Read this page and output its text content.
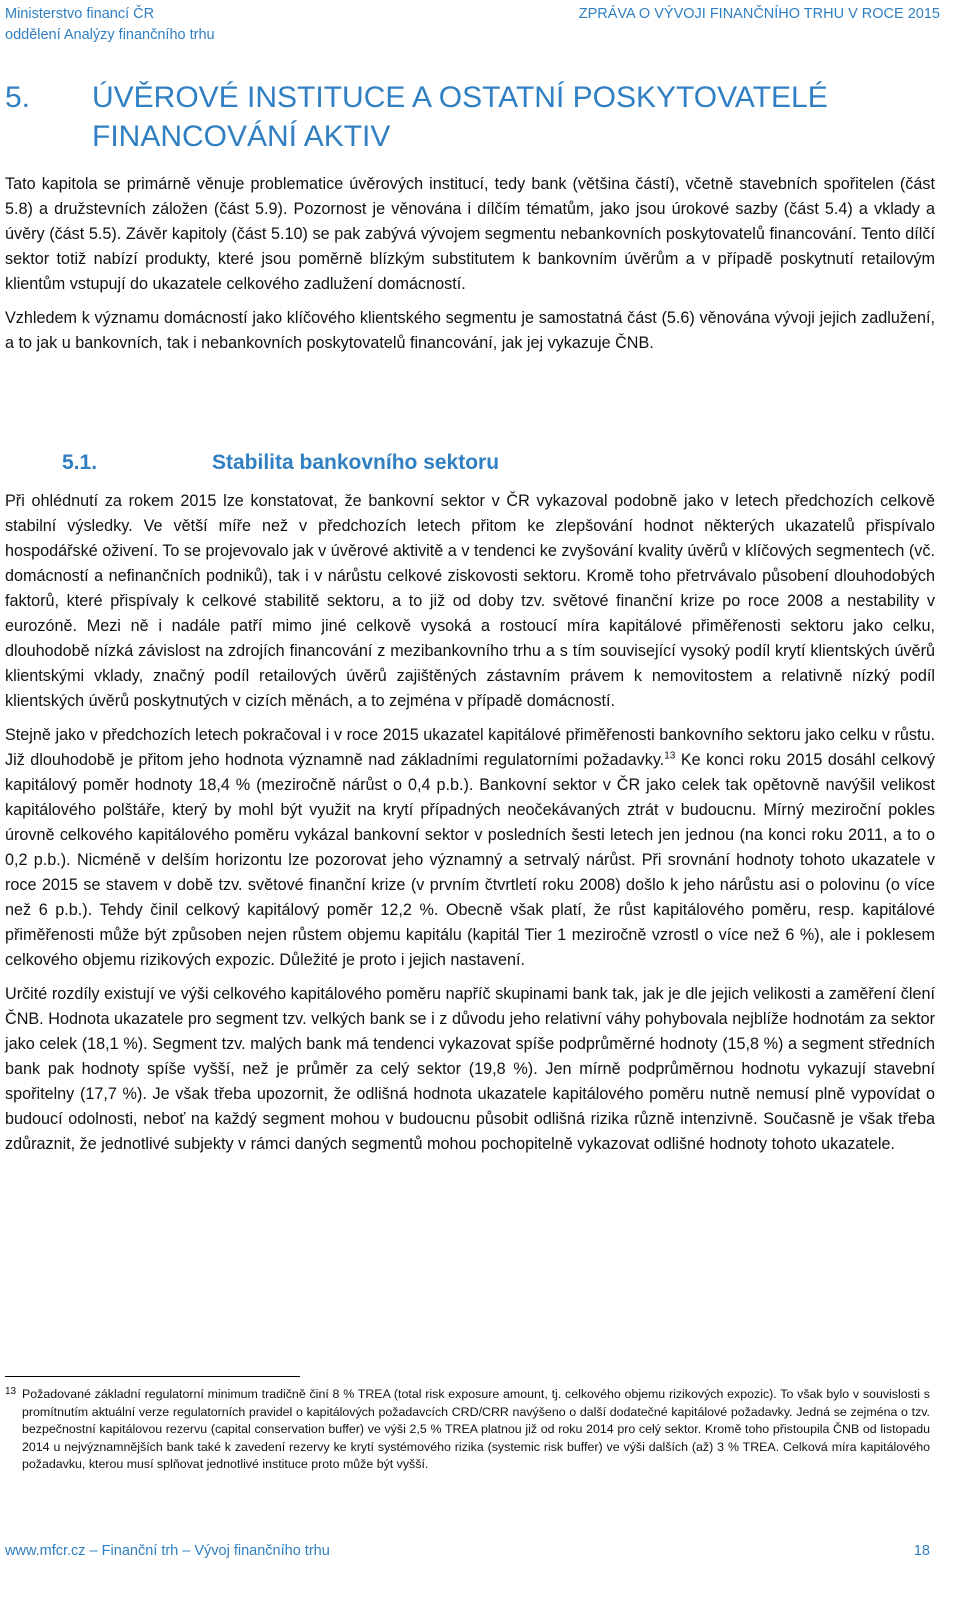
Ministerstvo financí ČR
oddělení Analýzy finančního trhu
ZPRÁVA O VÝVOJI FINANČNÍHO TRHU V ROCE 2015
5. ÚVĚROVÉ INSTITUCE A OSTATNÍ POSKYTOVATELÉ FINANCOVÁNÍ AKTIV

Tato kapitola se primárně věnuje problematice úvěrových institucí, tedy bank (většina částí), včetně stavebních spořitelen (část 5.8) a družstevních záložen (část 5.9). Pozornost je věnována i dílčím tématům, jako jsou úrokové sazby (část 5.4) a vklady a úvěry (část 5.5). Závěr kapitoly (část 5.10) se pak zabývá vývojem segmentu nebankovních poskytovatelů financování. Tento dílčí sektor totiž nabízí produkty, které jsou poměrně blízkým substitutem k bankovním úvěrům a v případě poskytnutí retailovým klientům vstupují do ukazatele celkového zadlužení domácností.

Vzhledem k významu domácností jako klíčového klientského segmentu je samostatná část (5.6) věnována vývoji jejich zadlužení, a to jak u bankovních, tak i nebankovních poskytovatelů financování, jak jej vykazuje ČNB.

5.1.	Stabilita bankovního sektoru

Při ohlédnutí za rokem 2015 lze konstatovat, že bankovní sektor v ČR vykazoval podobně jako v letech předchozích celkově stabilní výsledky. Ve větší míře než v předchozích letech přitom ke zlepšování hodnot některých ukazatelů přispívalo hospodářské oživení. To se projevovalo jak v úvěrové aktivitě a v tendenci ke zvyšování kvality úvěrů v klíčových segmentech (vč. domácností a nefinančních podniků), tak i v nárůstu celkové ziskovosti sektoru. Kromě toho přetrvávalo působení dlouhodobých faktorů, které přispívaly k celkové stabilitě sektoru, a to již od doby tzv. světové finanční krize po roce 2008 a nestability v eurozóně. Mezi ně i nadále patří mimo jiné celkově vysoká a rostoucí míra kapitálové přiměřenosti sektoru jako celku, dlouhodobě nízká závislost na zdrojích financování z mezibankovního trhu a s tím související vysoký podíl krytí klientských úvěrů klientskými vklady, značný podíl retailových úvěrů zajištěných zástavním právem k nemovitostem a relativně nízký podíl klientských úvěrů poskytnutých v cizích měnách, a to zejména v případě domácností.

Stejně jako v předchozích letech pokračoval i v roce 2015 ukazatel kapitálové přiměřenosti bankovního sektoru jako celku v růstu. Již dlouhodobě je přitom jeho hodnota významně nad základními regulatorními požadavky.$^{13}$ Ke konci roku 2015 dosáhl celkový kapitálový poměr hodnoty 18,4 % (meziročně nárůst o 0,4 p.b.). Bankovní sektor v ČR jako celek tak opětovně navýšil velikost kapitálového polštáře, který by mohl být využit na krytí případných neočekávaných ztrát v budoucnu. Mírný meziroční pokles úrovně celkového kapitálového poměru vykázal bankovní sektor v posledních šesti letech jen jednou (na konci roku 2011, a to o 0,2 p.b.). Nicméně v delším horizontu lze pozorovat jeho významný a setrvalý nárůst. Při srovnání hodnoty tohoto ukazatele v roce 2015 se stavem v době tzv. světové finanční krize (v prvním čtvrtletí roku 2008) došlo k jeho nárůstu asi o polovinu (o více než 6 p.b.). Tehdy činil celkový kapitálový poměr 12,2 %. Obecně však platí, že růst kapitálového poměru, resp. kapitálové přiměřenosti může být způsoben nejen růstem objemu kapitálu (kapitál Tier 1 meziročně vzrostl o více než 6 %), ale i poklesem celkového objemu rizikových expozic. Důležité je proto i jejich nastavení.

Určité rozdíly existují ve výši celkového kapitálového poměru napříč skupinami bank tak, jak je dle jejich velikosti a zaměření člení ČNB. Hodnota ukazatele pro segment tzv. velkých bank se i z důvodu jeho relativní váhy pohybovala nejblíže hodnotám za sektor jako celek (18,1 %). Segment tzv. malých bank má tendenci vykazovat spíše podprůměrné hodnoty (15,8 %) a segment středních bank pak hodnoty spíše vyšší, než je průměr za celý sektor (19,8 %). Jen mírně podprůměrnou hodnotu vykazují stavební spořitelny (17,7 %). Je však třeba upozornit, že odlišná hodnota ukazatele kapitálového poměru nutně nemusí plně vypovídat o budoucí odolnosti, neboť na každý segment mohou v budoucnu působit odlišná rizika různě intenzivně. Současně je však třeba zdůraznit, že jednotlivé subjekty v rámci daných segmentů mohou pochopitelně vykazovat odlišné hodnoty tohoto ukazatele.

13 Požadované základní regulatorní minimum tradičně činí 8 % TREA (total risk exposure amount, tj. celkového objemu rizikových expozic). To však bylo v souvislosti s promítnutím aktuální verze regulatorních pravidel o kapitálových požadavcích CRD/CRR navýšeno o další dodatečné kapitálové požadavky. Jedná se zejména o tzv. bezpečnostní kapitálovou rezervu (capital conservation buffer) ve výši 2,5 % TREA platnou již od roku 2014 pro celý sektor. Kromě toho přistoupila ČNB od listopadu 2014 u nejvýznamnějších bank také k zavedení rezervy ke krytí systémového rizika (systemic risk buffer) ve výši dalších (až) 3 % TREA. Celková míra kapitálového požadavku, kterou musí splňovat jednotlivé instituce proto může být vyšší.
www.mfcr.cz – Finanční trh – Vývoj finančního trhu	18
